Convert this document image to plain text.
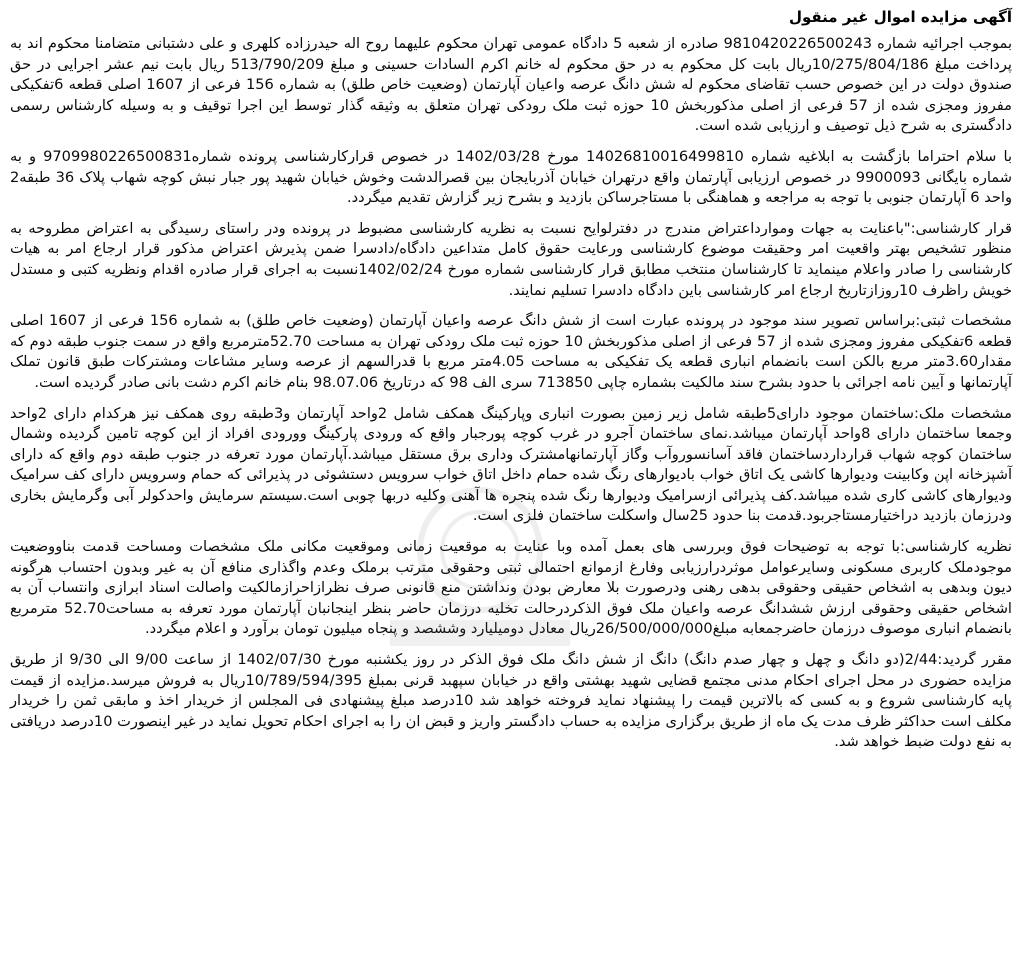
آگهی مزایده اموال غیر منقول

بموجب اجرائیه شماره 9810420226500243 صادره از شعبه 5 دادگاه عمومی تهران محکوم علیهما روح اله حیدرزاده کلهری و علی دشتبانی متضامنا محکوم اند به پرداخت مبلغ 10/275/804/186ریال بابت کل محکوم به در حق محکوم له خانم اکرم السادات حسینی و مبلغ 513/790/209 ریال بابت نیم عشر اجرایی در حق صندوق دولت در این خصوص حسب تقاضای محکوم له شش دانگ عرصه واعیان آپارتمان (وضعیت خاص طلق) به شماره 156 فرعی از 1607 اصلی قطعه 6تفکیکی مفروز ومجزی شده از 57 فرعی از اصلی مذکوربخش 10 حوزه ثبت ملک رودکی تهران متعلق به وثیقه گذار توسط این اجرا توقیف و به وسیله کارشناس رسمی دادگستری به شرح ذیل توصیف و ارزیابی شده است.

با سلام احتراما بازگشت به ابلاغیه شماره 14026810016499810 مورخ 1402/03/28 در خصوص قرارکارشناسی پرونده شماره9709980226500831 و به شماره بایگانی 9900093 در خصوص ارزیابی آپارتمان واقع درتهران خیابان آذربایجان بین قصرالدشت وخوش خیابان شهید پور جبار نبش کوچه شهاب پلاک 36 طبقه2 واحد 6 آپارتمان جنوبی با توجه به مراجعه و هماهنگی با مستاجرساکن بازدید و بشرح زیر گزارش تقدیم میگردد.

قرار کارشناسی:"باعنایت به جهات وموارداعتراض مندرج در دفترلوایح نسبت به نظریه کارشناسی مضبوط در پرونده ودر راستای رسیدگی به اعتراض مطروحه به منظور تشخیص بهتر واقعیت امر وحقیقت موضوع کارشناسی ورعایت حقوق کامل متداعین دادگاه/دادسرا ضمن پذیرش اعتراض مذکور قرار ارجاع امر به هیات کارشناسی را صادر واعلام مینماید تا کارشناسان منتخب مطابق قرار کارشناسی شماره مورخ 1402/02/24نسبت به اجرای قرار صادره اقدام ونظریه کتبی و مستدل خویش راظرف 10روزازتاریخ ارجاع امر کارشناسی باین دادگاه دادسرا تسلیم نمایند.

مشخصات ثبتی:براساس تصویر سند موجود در پرونده عبارت است از شش دانگ عرصه واعیان آپارتمان (وضعیت خاص طلق) به شماره 156 فرعی از 1607 اصلی قطعه 6تفکیکی مفروز ومجزی شده از 57 فرعی از اصلی مذکوربخش 10 حوزه ثبت ملک رودکی تهران به مساحت 52.70مترمربع واقع در سمت جنوب طبقه دوم که مقدار3.60متر مربع بالکن است بانضمام انباری قطعه یک تفکیکی به مساحت 4.05متر مربع با قدرالسهم از عرصه وسایر مشاعات ومشترکات طبق قانون تملک آپارتمانها و آیین نامه اجرائی با حدود بشرح سند مالکیت بشماره چاپی 713850 سری الف 98 که درتاریخ 98.07.06 بنام خانم اکرم دشت بانی صادر گردیده است.

مشخصات ملک:ساختمان موجود دارای5طبقه شامل زیر زمین بصورت انباری وپارکینگ همکف شامل 2واحد آپارتمان و3طبقه روی همکف نیز هرکدام دارای 2واحد وجمعا ساختمان دارای 8واحد آپارتمان میباشد.نمای ساختمان آجرو در غرب کوچه پورجبار واقع که ورودی پارکینگ وورودی افراد از این کوچه تامین گردیده وشمال ساختمان کوچه شهاب قرارداردساختمان فاقد آسانسوروآب وگاز آپارتمانهامشترک وداری برق مستقل میباشد.آپارتمان مورد تعرفه در جنوب طبقه دوم واقع که دارای آشپزخانه اپن وکابینت وديوارها کاشی یک اتاق خواب بادیوارهای رنگ شده حمام داخل اتاق خواب سرویس دستشوئی در پذیرائی که حمام وسرویس دارای کف سرامیک ودیوارهای کاشی کاری شده میباشد.کف پذیرائی ازسرامیک ودیوارها رنگ شده پنجره ها آهنی وکلیه دربها چوبی است.سیستم سرمایش واحدکولر آبی وگرمایش بخاری ودرزمان بازدید دراختیارمستاجربود.قدمت بنا حدود 25سال واسکلت ساختمان فلزی است.

نظریه کارشناسی:با توجه به توضیحات فوق وبررسی های بعمل آمده وبا عنایت به موقعیت زمانی وموقعیت مکانی ملک مشخصات ومساحت قدمت بناووضعیت موجودملک کاربری مسکونی وسایرعوامل موثردرارزیابی وفارغ ازموانع احتمالی ثبتی وحقوقی مترتب برملک وعدم واگذاری منافع آن به غیر وبدون احتساب هرگونه دیون وبدهی به اشخاص حقیقی وحقوقی بدهی رهنی ودرصورت بلا معارض بودن ونداشتن منع قانونی صرف نظرازاحرازمالکیت واصالت اسناد ابرازی وانتساب آن به اشخاص حقیقی وحقوقی ارزش ششدانگ عرصه واعیان ملک فوق الذکردرحالت تخلیه درزمان حاضر بنظر اینجانبان آپارتمان مورد تعرفه به مساحت52.70 مترمربع بانضمام انباری موصوف درزمان حاضرجمعابه مبلغ26/500/000/000ریال معادل دومیلیارد وششصد و پنجاه میلیون تومان برآورد و اعلام میگردد.

مقرر گردید:2/44(دو دانگ و چهل و چهار صدم دانگ) دانگ از شش دانگ ملک فوق الذکر در روز یکشنبه مورخ 1402/07/30 از ساعت 9/00 الی 9/30 از طریق مزایده حضوری در محل اجرای احکام مدنی مجتمع قضایی شهید بهشتی واقع در خیابان سپهبد قرنی بمبلغ 10/789/594/395ریال به فروش میرسد.مزایده از قیمت پایه کارشناسی شروع و به کسی که بالاترین قیمت را پیشنهاد نماید فروخته خواهد شد 10درصد مبلغ پیشنهادی فی المجلس از خریدار اخذ و مابقی ثمن را خریدار مکلف است حداکثر ظرف مدت یک ماه از طریق برگزاری مزایده به حساب دادگستر واریز و قبض ان را به اجرای احکام تحویل نماید در غیر اینصورت 10درصد دریافتی به نفع دولت ضبط خواهد شد.
